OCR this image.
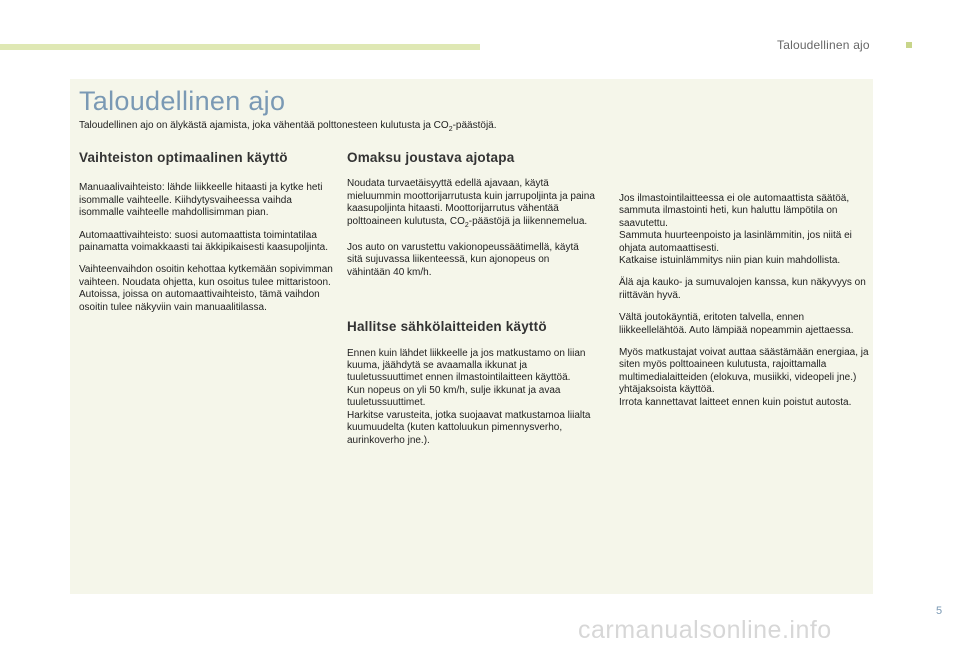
Taloudellinen ajo
Taloudellinen ajo
Taloudellinen ajo on älykästä ajamista, joka vähentää polttonesteen kulutusta ja $CO_2$-päästöjä.
Vaihteiston optimaalinen käyttö

Manuaalivaihteisto: lähde liikkeelle hitaasti ja kytke heti isommalle vaihteelle. Kiihdytysvaiheessa vaihda isommalle vaihteelle mahdollisimman pian.

Automaattivaihteisto: suosi automaattista toimintatilaa painamatta voimakkaasti tai äkkipikaisesti kaasupoljinta.

Vaihteenvaihdon osoitin kehottaa kytkemään sopivimman vaihteen. Noudata ohjetta, kun osoitus tulee mittaristoon.
Autoissa, joissa on automaattivaihteisto, tämä vaihdon osoitin tulee näkyviin vain manuaalitilassa.

Omaksu joustava ajotapa

Noudata turvaetäisyyttä edellä ajavaan, käytä mieluummin moottorijarrutusta kuin jarrupoljinta ja paina kaasupoljinta hitaasti. Moottorijarrutus vähentää polttoaineen kulutusta, $CO_2$-päästöjä ja liikennemelua.

Jos auto on varustettu vakionopeussäätimellä, käytä sitä sujuvassa liikenteessä, kun ajonopeus on vähintään 40 km/h.

Hallitse sähkölaitteiden käyttö

Ennen kuin lähdet liikkeelle ja jos matkustamo on liian kuuma, jäähdytä se avaamalla ikkunat ja tuuletussuuttimet ennen ilmastointilaitteen käyttöä.
Kun nopeus on yli 50 km/h, sulje ikkunat ja avaa tuuletussuuttimet.
Harkitse varusteita, jotka suojaavat matkustamoa liialta kuumuudelta (kuten kattoluukun pimennysverho, aurinkoverho jne.).

Jos ilmastointilaitteessa ei ole automaattista säätöä, sammuta ilmastointi heti, kun haluttu lämpötila on saavutettu.
Sammuta huurteenpoisto ja lasinlämmitin, jos niitä ei ohjata automaattisesti.
Katkaise istuinlämmitys niin pian kuin mahdollista.

Älä aja kauko- ja sumuvalojen kanssa, kun näkyvyys on riittävän hyvä.

Vältä joutokäyntiä, eritoten talvella, ennen liikkeellelähtöä. Auto lämpiää nopeammin ajettaessa.

Myös matkustajat voivat auttaa säästämään energiaa, ja siten myös polttoaineen kulutusta, rajoittamalla multimedialaitteiden (elokuva, musiikki, videopeli jne.) yhtäjaksoista käyttöä.
Irrota kannettavat laitteet ennen kuin poistut autosta.

5
carmanualsonline.info
